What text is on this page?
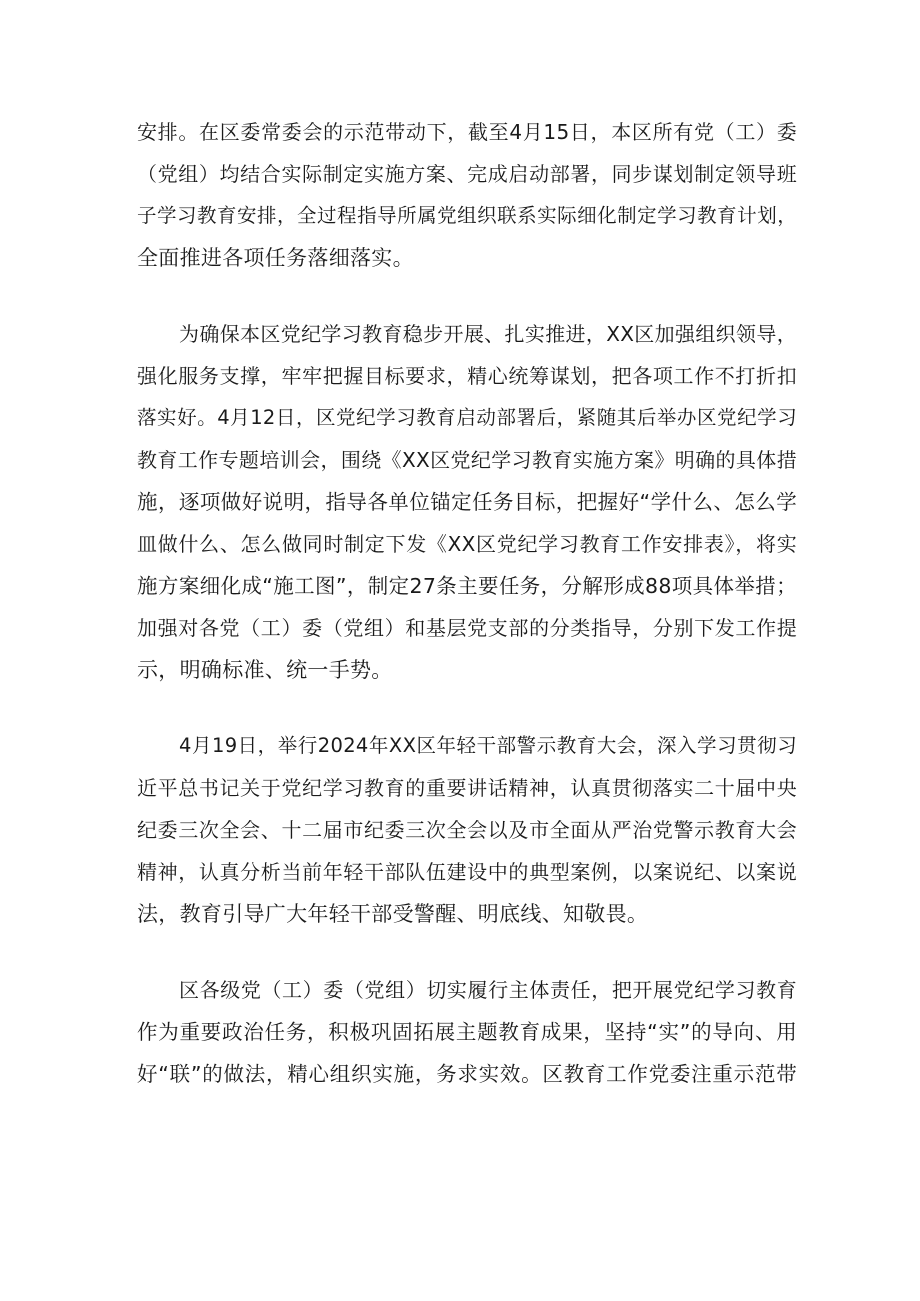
安排。在区委常委会的示范带动下，截至4月15日，本区所有党（工）委
（党组）均结合实际制定实施方案、完成启动部署，同步谋划制定领导班
子学习教育安排，全过程指导所属党组织联系实际细化制定学习教育计划，
全面推进各项任务落细落实。

为确保本区党纪学习教育稳步开展、扎实推进，XX区加强组织领导，
强化服务支撑，牢牢把握目标要求，精心统筹谋划，把各项工作不打折扣
落实好。4月12日，区党纪学习教育启动部署后，紧随其后举办区党纪学习
教育工作专题培训会，围绕《XX区党纪学习教育实施方案》明确的具体措
施，逐项做好说明，指导各单位锚定任务目标，把握好“学什么、怎么学
皿做什么、怎么做同时制定下发《XX区党纪学习教育工作安排表》，将实
施方案细化成“施工图”，制定27条主要任务，分解形成88项具体举措；
加强对各党（工）委（党组）和基层党支部的分类指导，分别下发工作提
示，明确标准、统一手势。

4月19日，举行2024年XX区年轻干部警示教育大会，深入学习贯彻习
近平总书记关于党纪学习教育的重要讲话精神，认真贯彻落实二十届中央
纪委三次全会、十二届市纪委三次全会以及市全面从严治党警示教育大会
精神，认真分析当前年轻干部队伍建设中的典型案例，以案说纪、以案说
法，教育引导广大年轻干部受警醒、明底线、知敬畏。

区各级党（工）委（党组）切实履行主体责任，把开展党纪学习教育
作为重要政治任务，积极巩固拓展主题教育成果，坚持“实”的导向、用
好“联”的做法，精心组织实施，务求实效。区教育工作党委注重示范带
